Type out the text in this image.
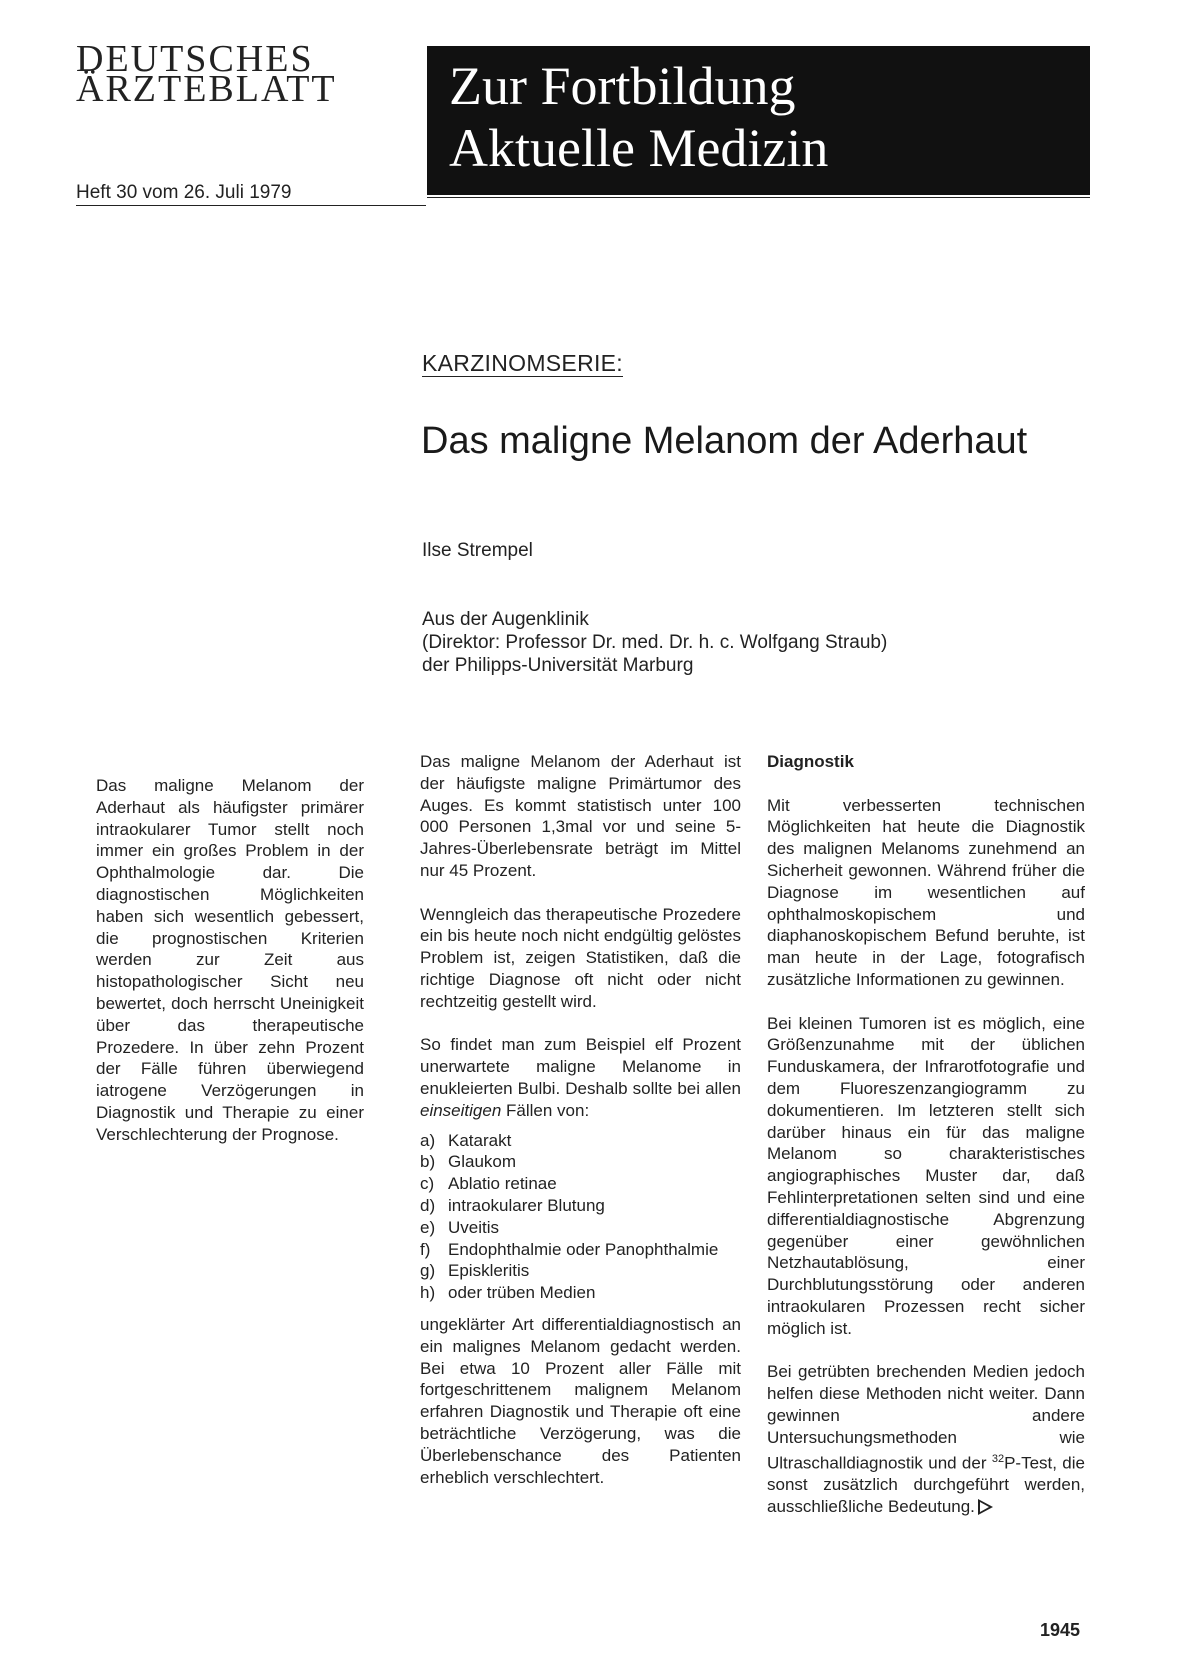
DEUTSCHES
ÄRZTEBLATT
Heft 30 vom 26. Juli 1979
Zur Fortbildung
Aktuelle Medizin
KARZINOMSERIE:
Das maligne Melanom der Aderhaut
Ilse Strempel
Aus der Augenklinik
(Direktor: Professor Dr. med. Dr. h. c. Wolfgang Straub)
der Philipps-Universität Marburg

Das maligne Melanom der Aderhaut als häufigster primärer intraokularer Tumor stellt noch immer ein großes Problem in der Ophthalmologie dar. Die diagnostischen Möglichkeiten haben sich wesentlich gebessert, die prognostischen Kriterien werden zur Zeit aus histopathologischer Sicht neu bewertet, doch herrscht Uneinigkeit über das therapeutische Prozedere. In über zehn Prozent der Fälle führen überwiegend iatrogene Verzögerungen in Diagnostik und Therapie zu einer Verschlechterung der Prognose.

Das maligne Melanom der Aderhaut ist der häufigste maligne Primärtumor des Auges. Es kommt statistisch unter 100 000 Personen 1,3mal vor und seine 5-Jahres-Überlebensrate beträgt im Mittel nur 45 Prozent.

Wenngleich das therapeutische Prozedere ein bis heute noch nicht endgültig gelöstes Problem ist, zeigen Statistiken, daß die richtige Diagnose oft nicht oder nicht rechtzeitig gestellt wird.

So findet man zum Beispiel elf Prozent unerwartete maligne Melanome in enukleierten Bulbi. Deshalb sollte bei allen einseitigen Fällen von:

a) Katarakt
b) Glaukom
c) Ablatio retinae
d) intraokularer Blutung
e) Uveitis
f)	Endophthalmie oder Panophthalmie
g) Episkleritis
h) oder trüben Medien

ungeklärter Art differentialdiagnostisch an ein malignes Melanom gedacht werden. Bei etwa 10 Prozent aller Fälle mit fortgeschrittenem malignem Melanom erfahren Diagnostik und Therapie oft eine beträchtliche Verzögerung, was die Überlebenschance des Patienten erheblich verschlechtert.

Diagnostik

Mit verbesserten technischen Möglichkeiten hat heute die Diagnostik des malignen Melanoms zunehmend an Sicherheit gewonnen. Während früher die Diagnose im wesentlichen auf ophthalmoskopischem und diaphanoskopischem Befund beruhte, ist man heute in der Lage, fotografisch zusätzliche Informationen zu gewinnen.

Bei kleinen Tumoren ist es möglich, eine Größenzunahme mit der üblichen Funduskamera, der Infrarotfotografie und dem Fluoreszenzangiogramm zu dokumentieren. Im letzteren stellt sich darüber hinaus ein für das maligne Melanom so charakteristisches angiographisches Muster dar, daß Fehlinterpretationen selten sind und eine differentialdiagnostische Abgrenzung gegenüber einer gewöhnlichen Netzhautablösung, einer Durchblutungsstörung oder anderen intraokularen Prozessen recht sicher möglich ist.

Bei getrübten brechenden Medien jedoch helfen diese Methoden nicht weiter. Dann gewinnen andere Untersuchungsmethoden wie Ultraschalldiagnostik und der $^{32}$P-Test, die sonst zusätzlich durchgeführt werden, ausschließliche Bedeutung.

1945
